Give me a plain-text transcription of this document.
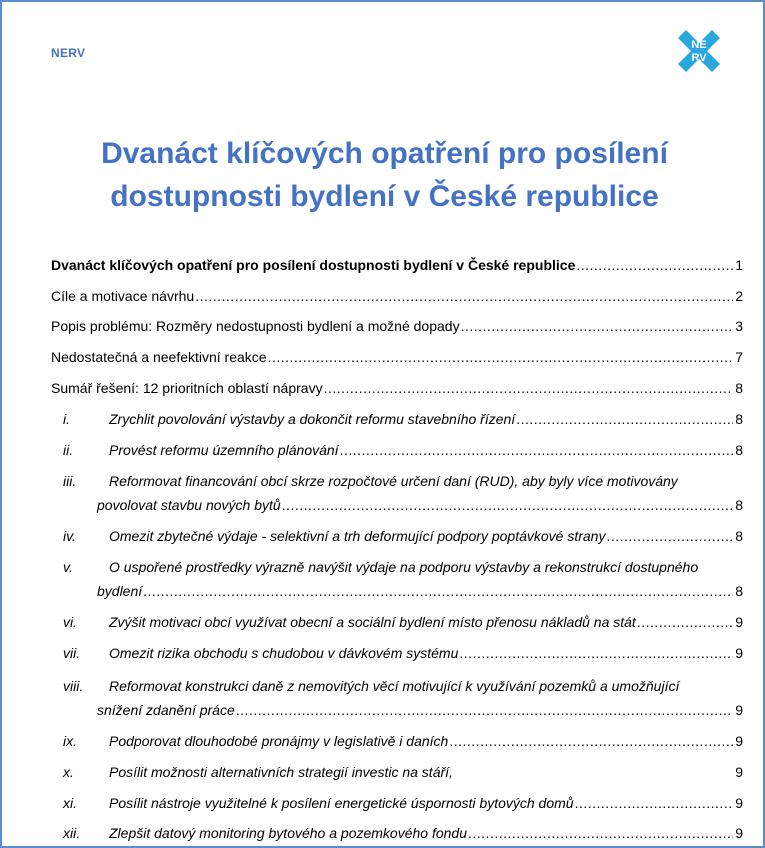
NERV
NE
RV
Dvanáct klíčových opatření pro posílení
dostupnosti bydlení v České republice
Dvanáct klíčových opatření pro posílení dostupnosti bydlení v České republice .....	1
Cíle a motivace návrhu .....	2
Popis problému: Rozměry nedostupnosti bydlení a možné dopady .....	3
Nedostatečná a neefektivní reakce .....	7
Sumář řešení: 12 prioritních oblastí nápravy .....	8
i.	Zrychlit povolování výstavby a dokončit reformu stavebního řízení .....	8
ii.	Provést reformu územního plánování .....	8
iii.	Reformovat financování obcí skrze rozpočtové určení daní (RUD), aby byly více motivovány
povolovat stavbu nových bytů .....	8
iv.	Omezit zbytečné výdaje - selektivní a trh deformující podpory poptávkové strany .....	8
v.	O uspořené prostředky výrazně navýšit výdaje na podporu výstavby a rekonstrukcí dostupného
bydlení .....	8
vi.	Zvýšit motivaci obcí využívat obecní a sociální bydlení místo přenosu nákladů na stát .....	9
vii.	Omezit rizika obchodu s chudobou v dávkovém systému .....	9
viii.	Reformovat konstrukci daně z nemovitých věcí motivující k využívání pozemků a umožňující
snížení zdanění práce .....	9
ix.	Podporovat dlouhodobé pronájmy v legislativě i daních .....	9
x.	Posílit možnosti alternativních strategií investic na stáří,	9
xi.	Posílit nástroje využitelné k posílení energetické úspornosti bytových domů .....	9
xii.	Zlepšit datový monitoring bytového a pozemkového fondu .....	9
